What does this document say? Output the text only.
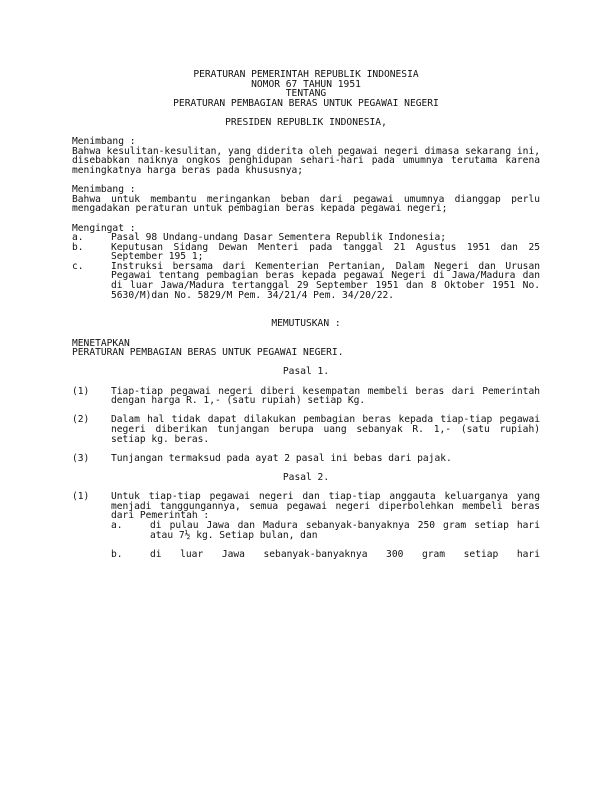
PERATURAN PEMERINTAH REPUBLIK INDONESIA
NOMOR 67 TAHUN 1951
TENTANG
PERATURAN PEMBAGIAN BERAS UNTUK PEGAWAI NEGERI
PRESIDEN REPUBLIK INDONESIA,
Menimbang :
Bahwa kesulitan-kesulitan, yang diderita oleh pegawai negeri dimasa sekarang ini, disebabkan naiknya ongkos penghidupan sehari-hari pada umumnya terutama karena meningkatnya harga beras pada khususnya;
Menimbang :
Bahwa untuk membantu meringankan beban dari pegawai umumnya dianggap perlu mengadakan peraturan untuk pembagian beras kepada pegawai negeri;
Mengingat :
a.	Pasal 98 Undang-undang Dasar Sementera Republik Indonesia;
b.	Keputusan Sidang Dewan Menteri pada tanggal 21 Agustus 1951 dan 25 September 195 1;
c.	Instruksi bersama dari Kementerian Pertanian, Dalam Negeri dan Urusan Pegawai tentang pembagian beras kepada pegawai Negeri di Jawa/Madura dan di luar Jawa/Madura tertanggal 29 September 1951 dan 8 Oktober 1951 No. 5630/M)dan No. 5829/M Pem. 34/21/4 Pem. 34/20/22.
MEMUTUSKAN :
MENETAPKAN
PERATURAN PEMBAGIAN BERAS UNTUK PEGAWAI NEGERI.
Pasal 1.
(1)	Tiap-tiap pegawai negeri diberi kesempatan membeli beras dari Pemerintah dengan harga R. 1,- (satu rupiah) setiap Kg.
(2)	Dalam hal tidak dapat dilakukan pembagian beras kepada tiap-tiap pegawai negeri diberikan tunjangan berupa uang sebanyak R. 1,- (satu rupiah) setiap kg. beras.
(3)	Tunjangan termaksud pada ayat 2 pasal ini bebas dari pajak.
Pasal 2.
(1)	Untuk tiap-tiap pegawai negeri dan tiap-tiap anggauta keluarganya yang menjadi tanggungannya, semua pegawai negeri diperbolehkan membeli beras dari Pemerintah :
a.	di pulau Jawa dan Madura sebanyak-banyaknya 250 gram setiap hari atau 7½ kg. Setiap bulan, dan
b.	di luar Jawa sebanyak-banyaknya 300 gram setiap hari
